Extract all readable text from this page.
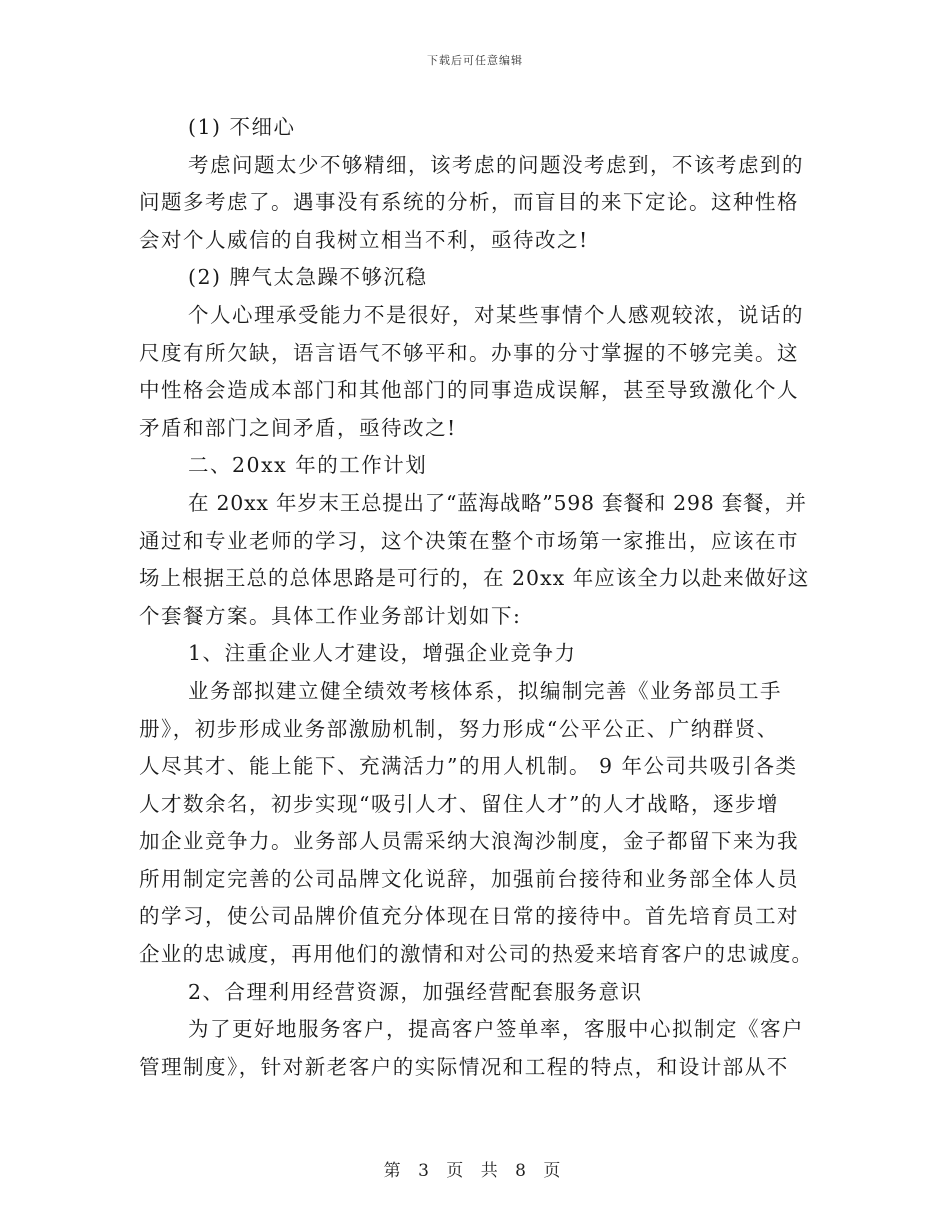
下载后可任意编辑
(1) 不细心
考虑问题太少不够精细，该考虑的问题没考虑到，不该考虑到的
问题多考虑了。遇事没有系统的分析，而盲目的来下定论。这种性格
会对个人威信的自我树立相当不利，亟待改之!
(2) 脾气太急躁不够沉稳
个人心理承受能力不是很好，对某些事情个人感观较浓，说话的
尺度有所欠缺，语言语气不够平和。办事的分寸掌握的不够完美。这
中性格会造成本部门和其他部门的同事造成误解，甚至导致激化个人
矛盾和部门之间矛盾，亟待改之!
二、20xx 年的工作计划
在 20xx 年岁末王总提出了“蓝海战略”598 套餐和 298 套餐，并
通过和专业老师的学习，这个决策在整个市场第一家推出，应该在市
场上根据王总的总体思路是可行的，在 20xx 年应该全力以赴来做好这
个套餐方案。具体工作业务部计划如下:
1、注重企业人才建设，增强企业竞争力
业务部拟建立健全绩效考核体系，拟编制完善《业务部员工手
册》，初步形成业务部激励机制，努力形成“公平公正、广纳群贤、
人尽其才、能上能下、充满活力”的用人机制。 9 年公司共吸引各类
人才数余名，初步实现“吸引人才、留住人才”的人才战略，逐步增
加企业竞争力。业务部人员需采纳大浪淘沙制度，金子都留下来为我
所用制定完善的公司品牌文化说辞，加强前台接待和业务部全体人员
的学习，使公司品牌价值充分体现在日常的接待中。首先培育员工对
企业的忠诚度，再用他们的激情和对公司的热爱来培育客户的忠诚度。
2、合理利用经营资源，加强经营配套服务意识
为了更好地服务客户，提高客户签单率，客服中心拟制定《客户
管理制度》，针对新老客户的实际情况和工程的特点，和设计部从不
第 3 页 共 8 页
